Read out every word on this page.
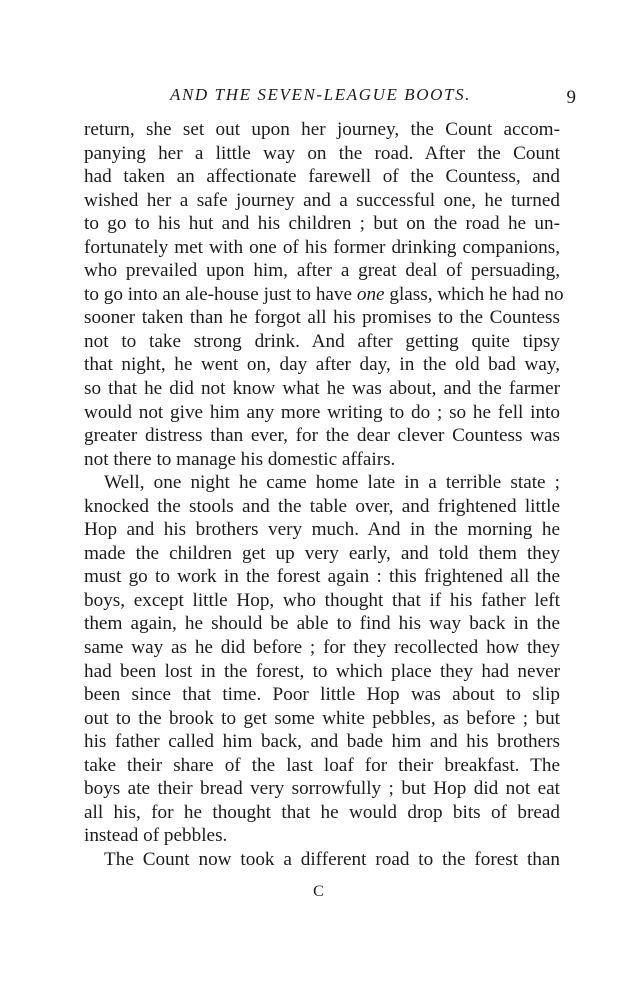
AND THE SEVEN-LEAGUE BOOTS.	9
return, she set out upon her journey, the Count accom-
panying her a little way on the road. After the Count
had taken an affectionate farewell of the Countess, and
wished her a safe journey and a successful one, he turned
to go to his hut and his children ; but on the road he un-
fortunately met with one of his former drinking companions,
who prevailed upon him, after a great deal of persuading,
to go into an ale-house just to have one glass, which he had no
sooner taken than he forgot all his promises to the Countess
not to take strong drink. And after getting quite tipsy
that night, he went on, day after day, in the old bad way,
so that he did not know what he was about, and the farmer
would not give him any more writing to do ; so he fell into
greater distress than ever, for the dear clever Countess was
not there to manage his domestic affairs.
Well, one night he came home late in a terrible state ;
knocked the stools and the table over, and frightened little
Hop and his brothers very much. And in the morning he
made the children get up very early, and told them they
must go to work in the forest again : this frightened all the
boys, except little Hop, who thought that if his father left
them again, he should be able to find his way back in the
same way as he did before ; for they recollected how they
had been lost in the forest, to which place they had never
been since that time. Poor little Hop was about to slip
out to the brook to get some white pebbles, as before ; but
his father called him back, and bade him and his brothers
take their share of the last loaf for their breakfast. The
boys ate their bread very sorrowfully ; but Hop did not eat
all his, for he thought that he would drop bits of bread
instead of pebbles.
The Count now took a different road to the forest than
C
